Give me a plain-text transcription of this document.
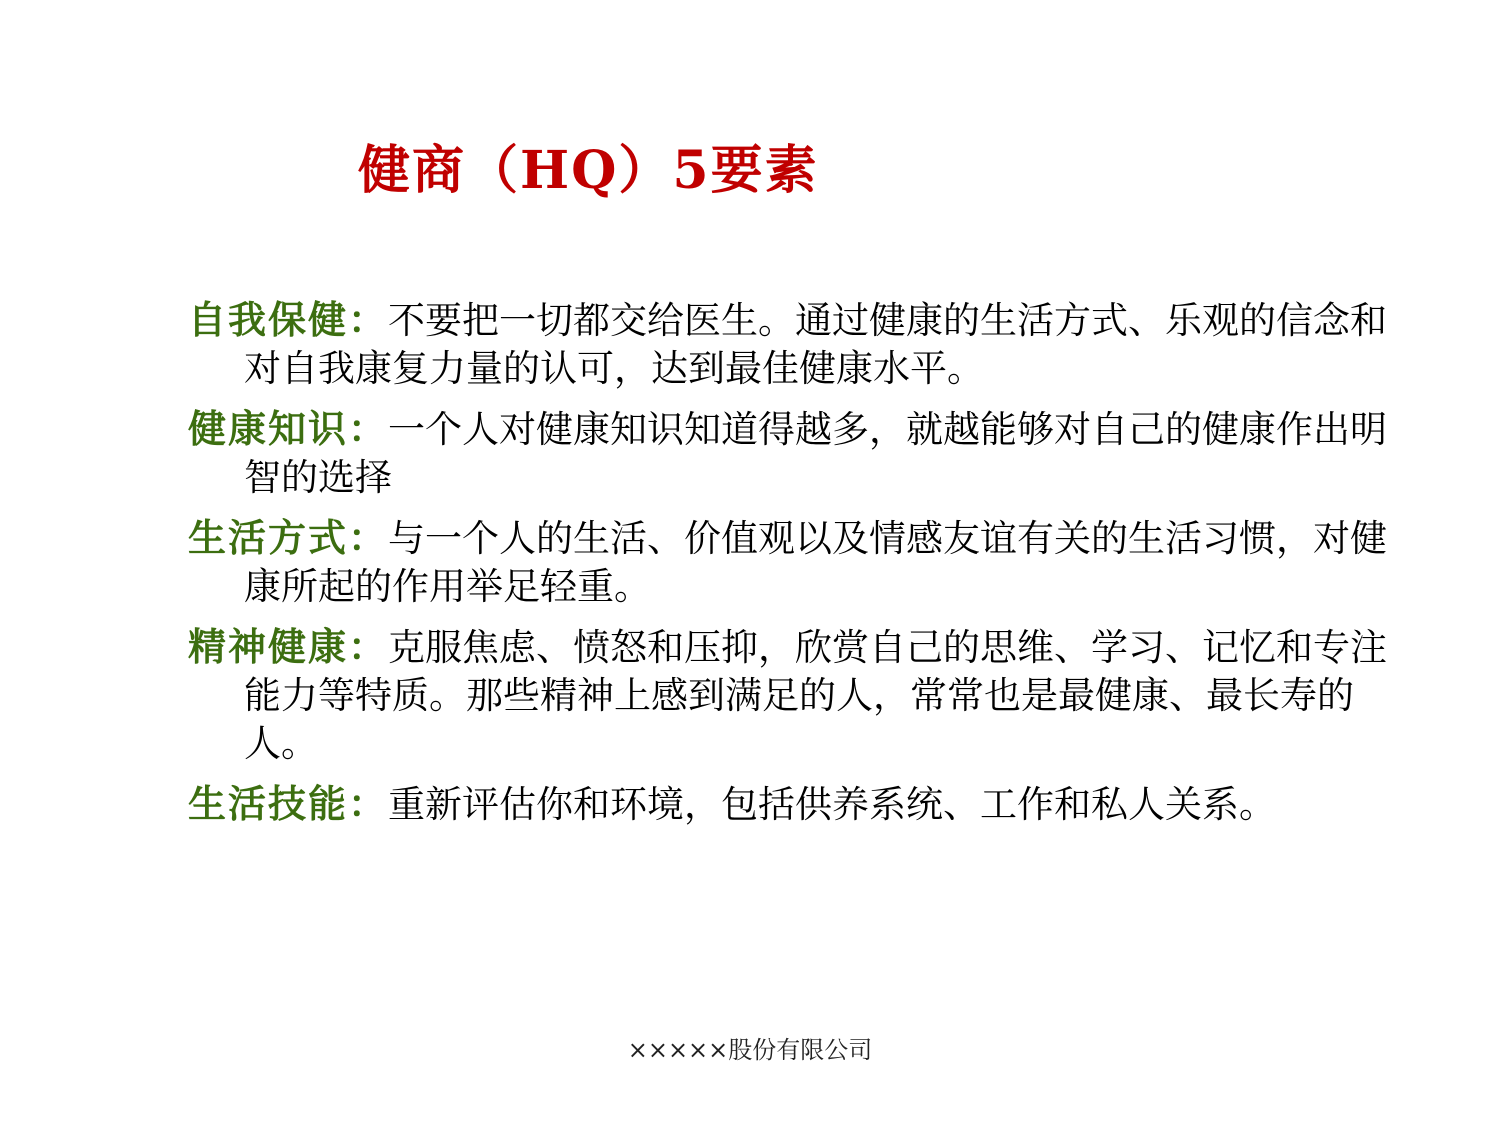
健商（HQ）5要素
自我保健：不要把一切都交给医生。通过健康的生活方式、乐观的信念和对自我康复力量的认可，达到最佳健康水平。
健康知识：一个人对健康知识知道得越多，就越能够对自己的健康作出明智的选择
生活方式：与一个人的生活、价值观以及情感友谊有关的生活习惯，对健康所起的作用举足轻重。
精神健康：克服焦虑、愤怒和压抑，欣赏自己的思维、学习、记忆和专注能力等特质。那些精神上感到满足的人，常常也是最健康、最长寿的人。
生活技能：重新评估你和环境，包括供养系统、工作和私人关系。
×××××股份有限公司
